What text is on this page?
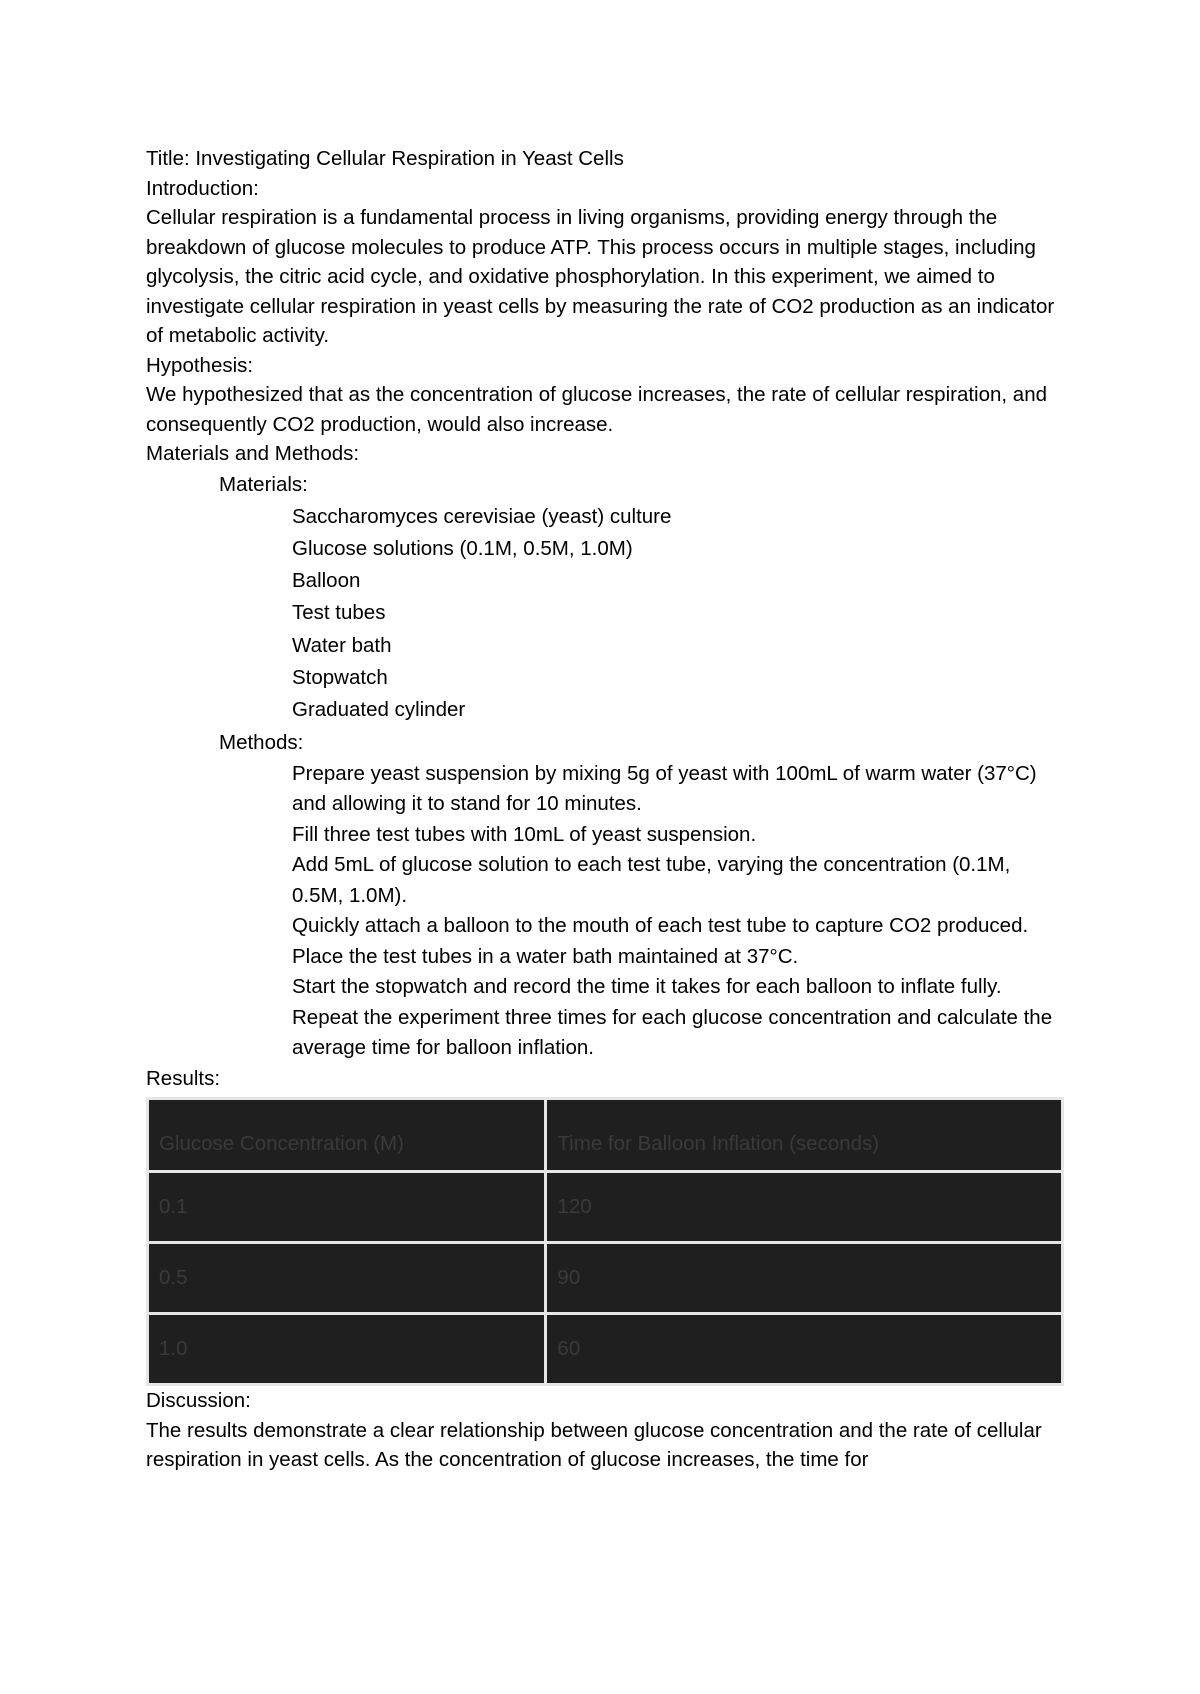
Title: Investigating Cellular Respiration in Yeast Cells

Introduction:

Cellular respiration is a fundamental process in living organisms, providing energy through the breakdown of glucose molecules to produce ATP. This process occurs in multiple stages, including glycolysis, the citric acid cycle, and oxidative phosphorylation. In this experiment, we aimed to investigate cellular respiration in yeast cells by measuring the rate of CO2 production as an indicator of metabolic activity.

Hypothesis:

We hypothesized that as the concentration of glucose increases, the rate of cellular respiration, and consequently CO2 production, would also increase.

Materials and Methods:

Materials:

Saccharomyces cerevisiae (yeast) culture
Glucose solutions (0.1M, 0.5M, 1.0M)
Balloon
Test tubes
Water bath
Stopwatch
Graduated cylinder

Methods:

Prepare yeast suspension by mixing 5g of yeast with 100mL of warm water (37°C) and allowing it to stand for 10 minutes.
Fill three test tubes with 10mL of yeast suspension.
Add 5mL of glucose solution to each test tube, varying the concentration (0.1M, 0.5M, 1.0M).
Quickly attach a balloon to the mouth of each test tube to capture CO2 produced.
Place the test tubes in a water bath maintained at 37°C.
Start the stopwatch and record the time it takes for each balloon to inflate fully.
Repeat the experiment three times for each glucose concentration and calculate the average time for balloon inflation.

Results:

Glucose Concentration (M)	Time for Balloon Inflation (seconds)
0.1	120
0.5	90
1.0	60

Discussion:

The results demonstrate a clear relationship between glucose concentration and the rate of cellular respiration in yeast cells. As the concentration of glucose increases, the time for
